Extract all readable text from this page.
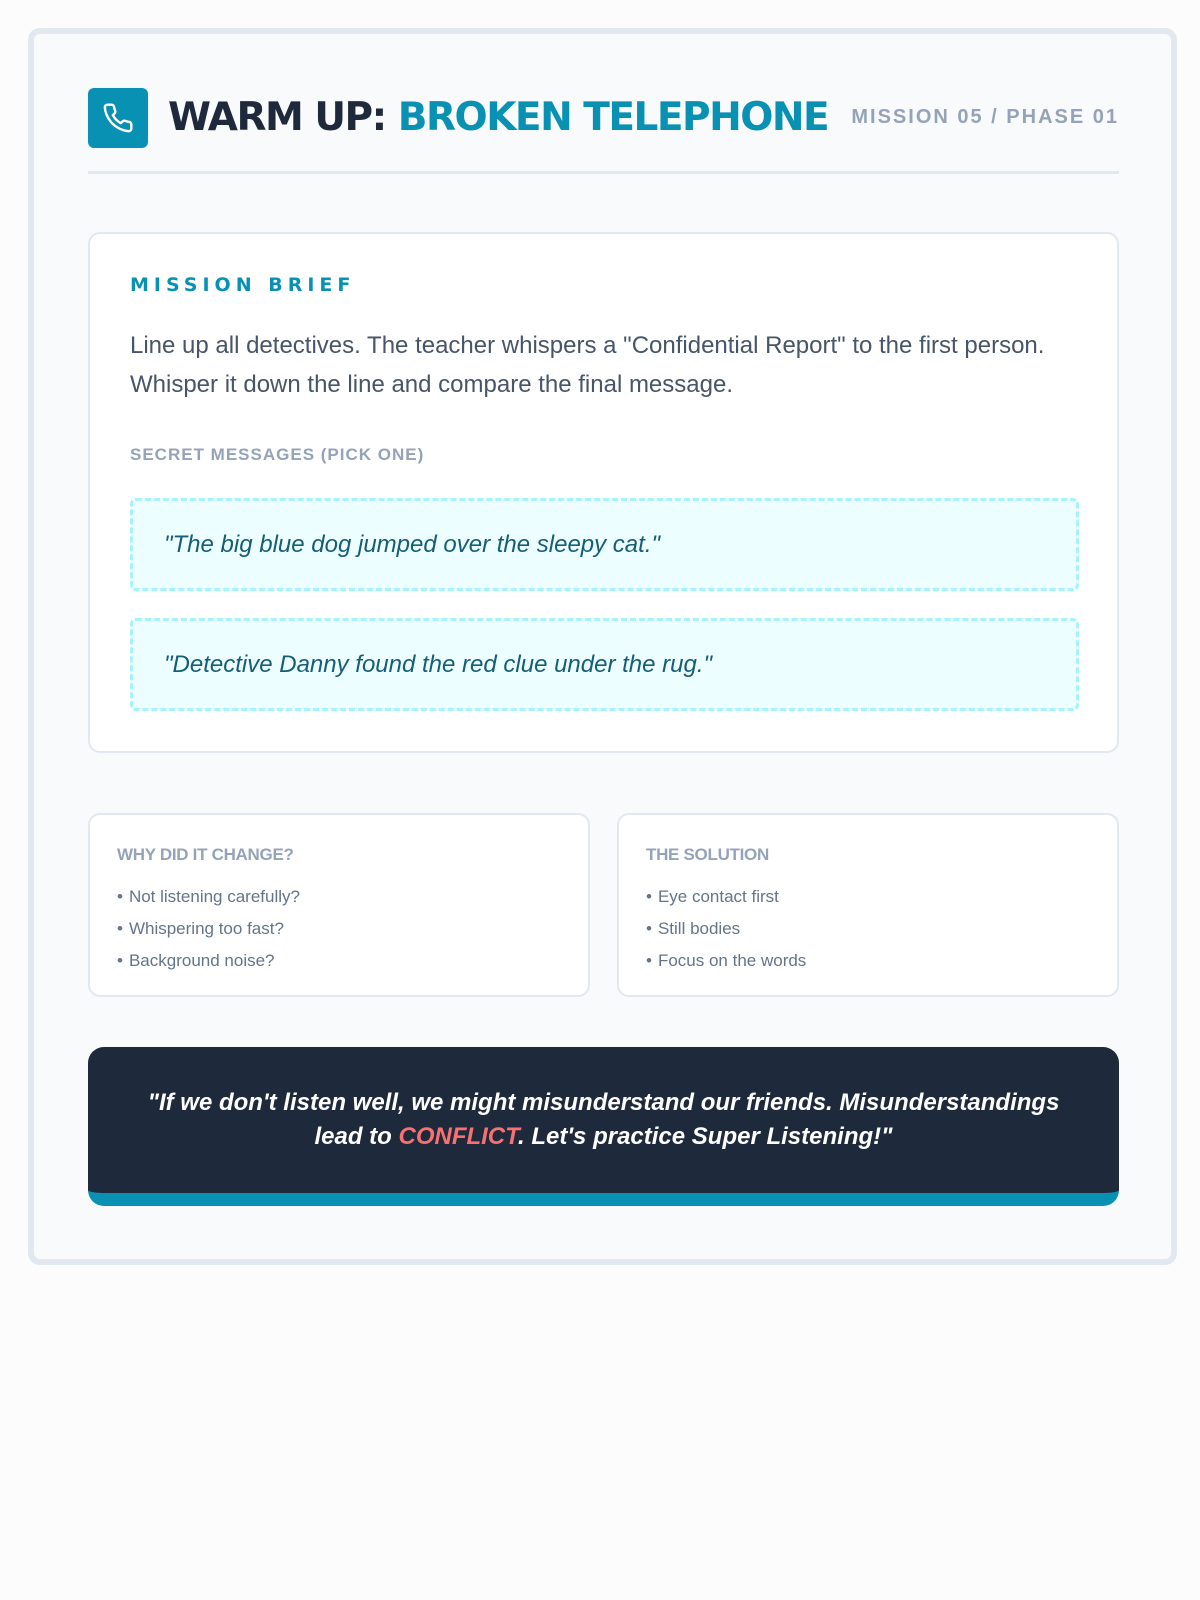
WARM UP: BROKEN TELEPHONE MISSION 05 / PHASE 01
MISSION BRIEF

Line up all detectives. The teacher whispers a "Confidential Report" to the first person. Whisper it down the line and compare the final message.

SECRET MESSAGES (PICK ONE)
"The big blue dog jumped over the sleepy cat."
"Detective Danny found the red clue under the rug."
WHY DID IT CHANGE?
• Not listening carefully?
• Whispering too fast?
• Background noise?
THE SOLUTION
• Eye contact first
• Still bodies
• Focus on the words

"If we don't listen well, we might misunderstand our friends. Misunderstandings lead to CONFLICT. Let's practice Super Listening!"
